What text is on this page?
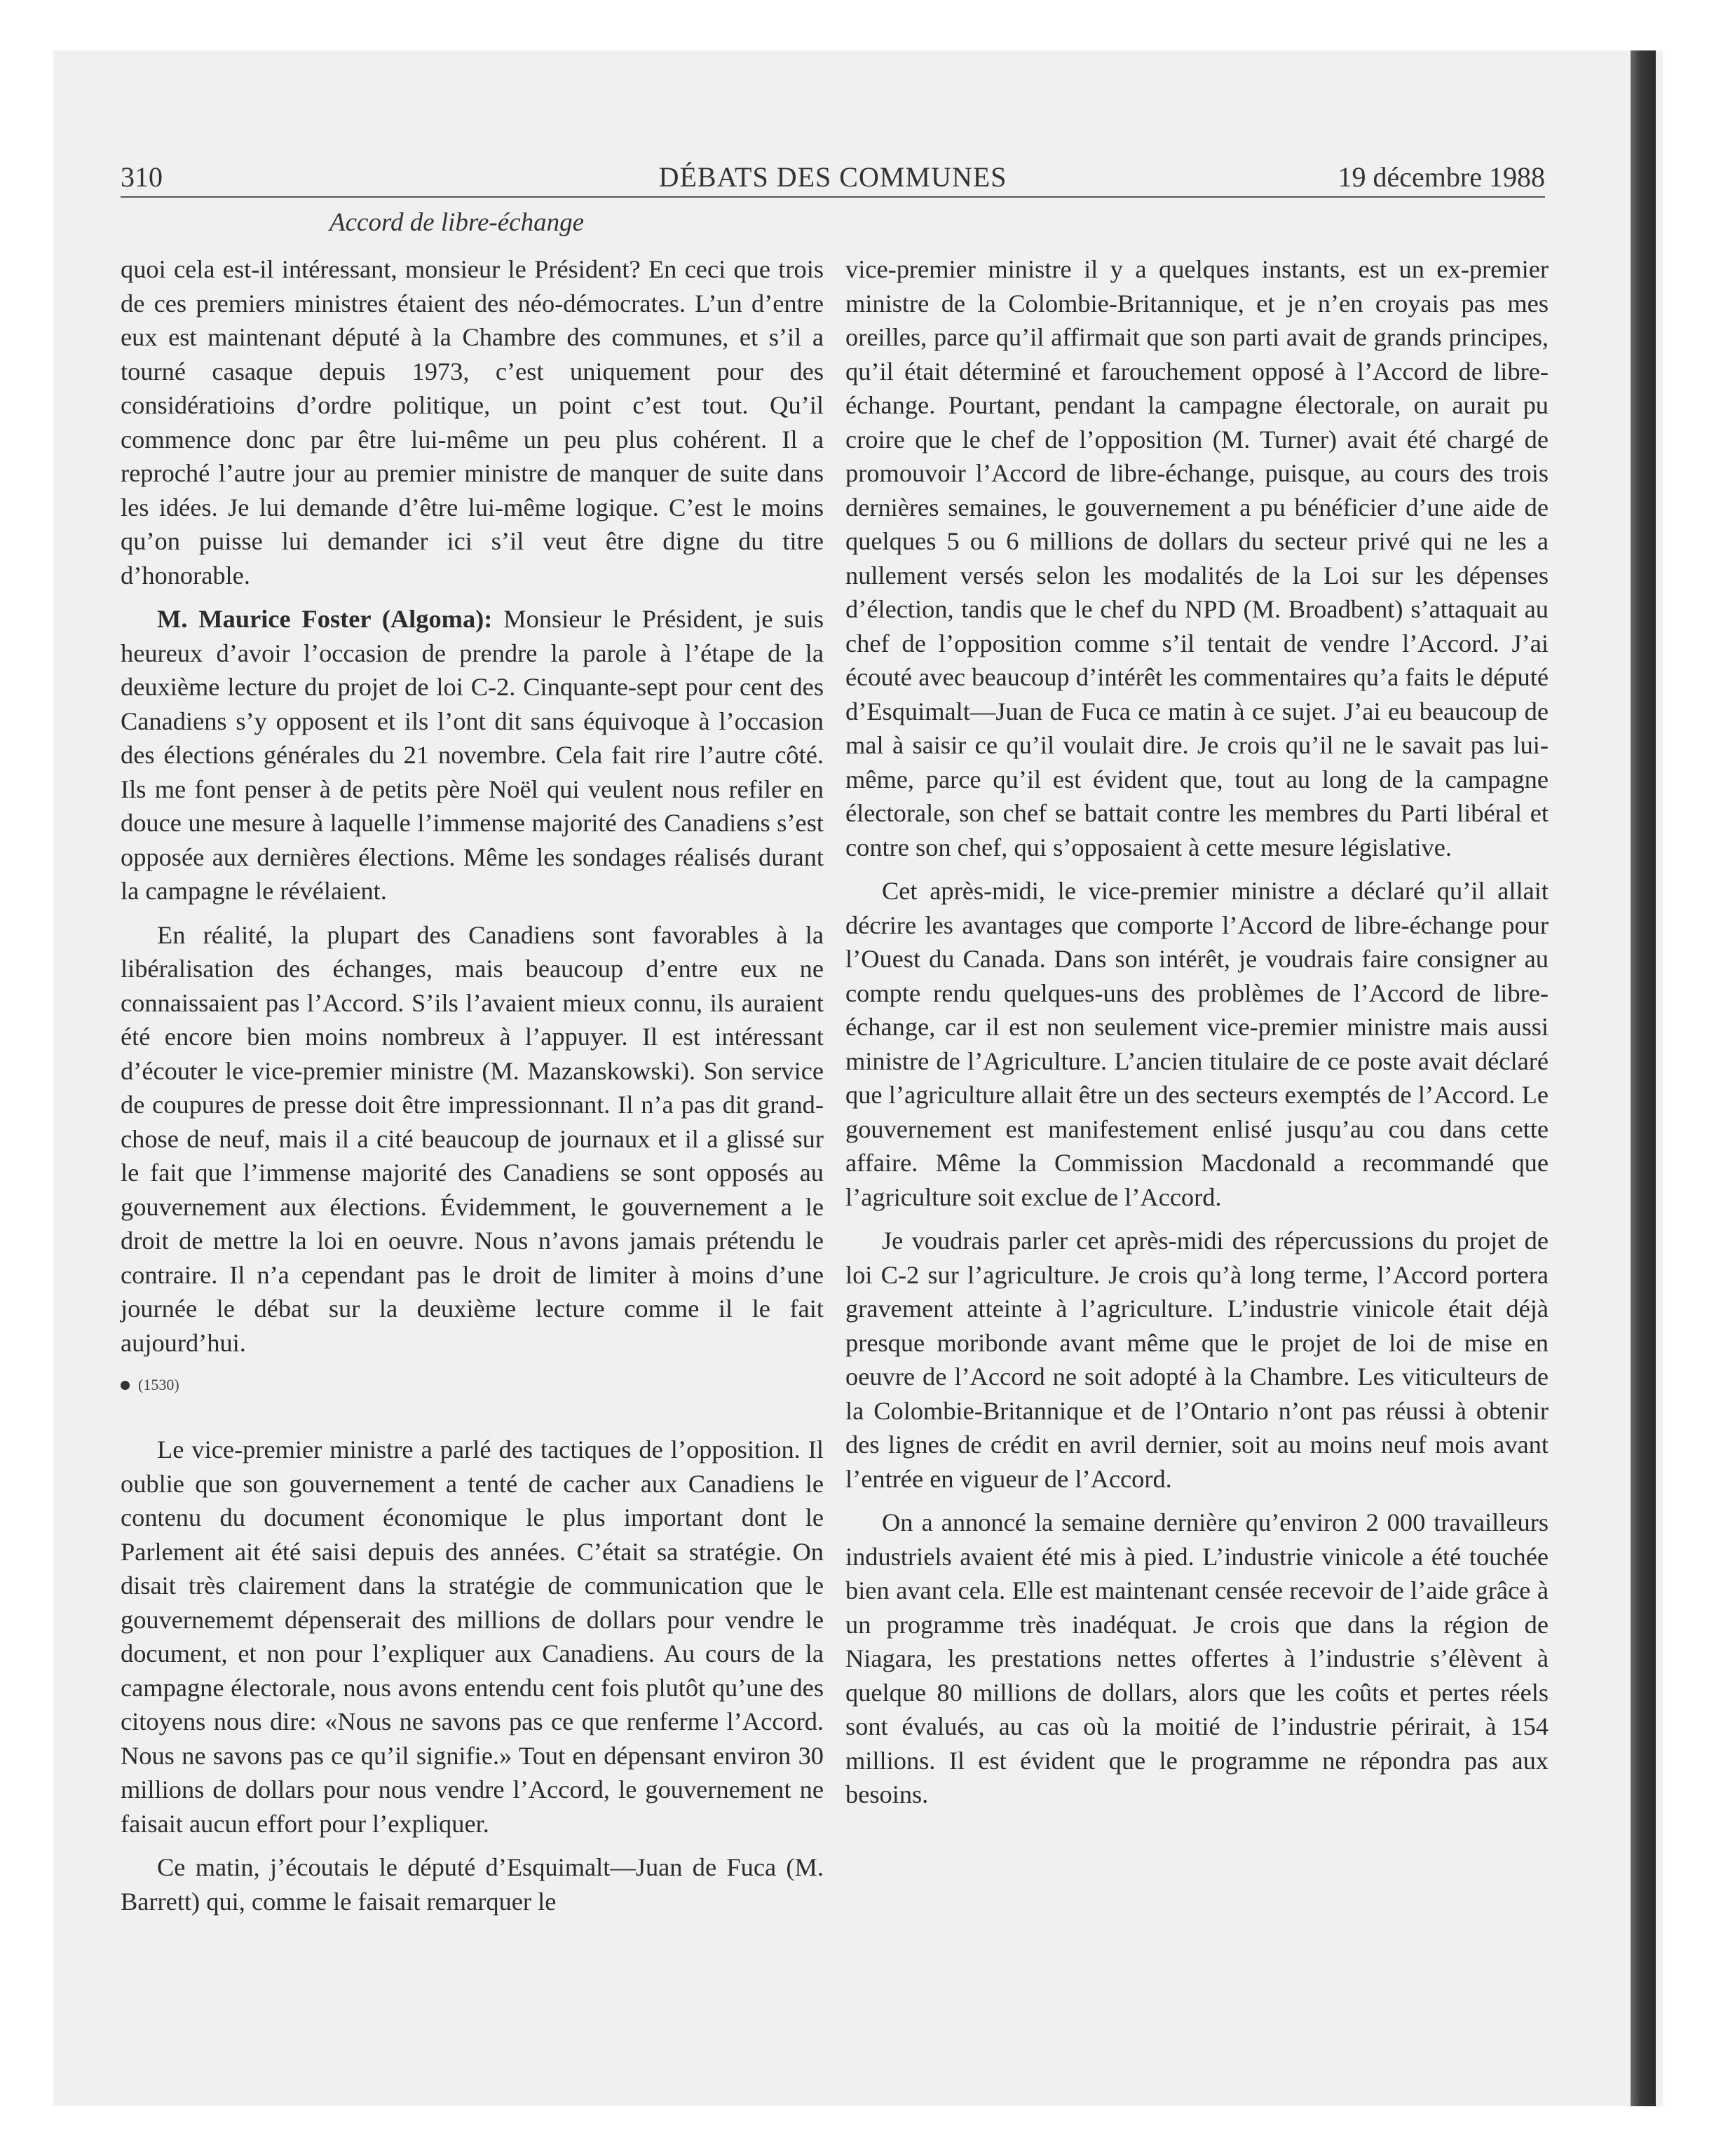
310	DÉBATS DES COMMUNES	19 décembre 1988
Accord de libre-échange

quoi cela est-il intéressant, monsieur le Président? En ceci que trois de ces premiers ministres étaient des néo-démocrates. L’un d’entre eux est maintenant député à la Chambre des communes, et s’il a tourné casaque depuis 1973, c’est uniquement pour des considératioins d’ordre politique, un point c’est tout. Qu’il commence donc par être lui-même un peu plus cohérent. Il a reproché l’autre jour au premier ministre de manquer de suite dans les idées. Je lui demande d’être lui-même logique. C’est le moins qu’on puisse lui demander ici s’il veut être digne du titre d’honorable.

M. Maurice Foster (Algoma): Monsieur le Président, je suis heureux d’avoir l’occasion de prendre la parole à l’étape de la deuxième lecture du projet de loi C-2. Cinquante-sept pour cent des Canadiens s’y opposent et ils l’ont dit sans équivoque à l’occasion des élections générales du 21 novembre. Cela fait rire l’autre côté. Ils me font penser à de petits père Noël qui veulent nous refiler en douce une mesure à laquelle l’immense majorité des Canadiens s’est opposée aux dernières élections. Même les sondages réalisés durant la campagne le révélaient.

En réalité, la plupart des Canadiens sont favorables à la libéralisation des échanges, mais beaucoup d’entre eux ne connaissaient pas l’Accord. S’ils l’avaient mieux connu, ils auraient été encore bien moins nombreux à l’appuyer. Il est intéressant d’écouter le vice-premier ministre (M. Mazanskowski). Son service de coupures de presse doit être impressionnant. Il n’a pas dit grand-chose de neuf, mais il a cité beaucoup de journaux et il a glissé sur le fait que l’immense majorité des Canadiens se sont opposés au gouvernement aux élections. Évidemment, le gouvernement a le droit de mettre la loi en oeuvre. Nous n’avons jamais prétendu le contraire. Il n’a cependant pas le droit de limiter à moins d’une journée le débat sur la deuxième lecture comme il le fait aujourd’hui.

(1530)

Le vice-premier ministre a parlé des tactiques de l’opposition. Il oublie que son gouvernement a tenté de cacher aux Canadiens le contenu du document économique le plus important dont le Parlement ait été saisi depuis des années. C’était sa stratégie. On disait très clairement dans la stratégie de communication que le gouvernememt dépenserait des millions de dollars pour vendre le document, et non pour l’expliquer aux Canadiens. Au cours de la campagne électorale, nous avons entendu cent fois plutôt qu’une des citoyens nous dire: «Nous ne savons pas ce que renferme l’Accord. Nous ne savons pas ce qu’il signifie.» Tout en dépensant environ 30 millions de dollars pour nous vendre l’Accord, le gouvernement ne faisait aucun effort pour l’expliquer.

Ce matin, j’écoutais le député d’Esquimalt—Juan de Fuca (M. Barrett) qui, comme le faisait remarquer le

vice-premier ministre il y a quelques instants, est un ex-premier ministre de la Colombie-Britannique, et je n’en croyais pas mes oreilles, parce qu’il affirmait que son parti avait de grands principes, qu’il était déterminé et farouchement opposé à l’Accord de libre-échange. Pourtant, pendant la campagne électorale, on aurait pu croire que le chef de l’opposition (M. Turner) avait été chargé de promouvoir l’Accord de libre-échange, puisque, au cours des trois dernières semaines, le gouvernement a pu bénéficier d’une aide de quelques 5 ou 6 millions de dollars du secteur privé qui ne les a nullement versés selon les modalités de la Loi sur les dépenses d’élection, tandis que le chef du NPD (M. Broadbent) s’attaquait au chef de l’opposition comme s’il tentait de vendre l’Accord. J’ai écouté avec beaucoup d’intérêt les commentaires qu’a faits le député d’Esquimalt—Juan de Fuca ce matin à ce sujet. J’ai eu beaucoup de mal à saisir ce qu’il voulait dire. Je crois qu’il ne le savait pas lui-même, parce qu’il est évident que, tout au long de la campagne électorale, son chef se battait contre les membres du Parti libéral et contre son chef, qui s’opposaient à cette mesure législative.

Cet après-midi, le vice-premier ministre a déclaré qu’il allait décrire les avantages que comporte l’Accord de libre-échange pour l’Ouest du Canada. Dans son intérêt, je voudrais faire consigner au compte rendu quelques-uns des problèmes de l’Accord de libre-échange, car il est non seulement vice-premier ministre mais aussi ministre de l’Agriculture. L’ancien titulaire de ce poste avait déclaré que l’agriculture allait être un des secteurs exemptés de l’Accord. Le gouvernement est manifestement enlisé jusqu’au cou dans cette affaire. Même la Commission Macdonald a recommandé que l’agriculture soit exclue de l’Accord.

Je voudrais parler cet après-midi des répercussions du projet de loi C-2 sur l’agriculture. Je crois qu’à long terme, l’Accord portera gravement atteinte à l’agriculture. L’industrie vinicole était déjà presque moribonde avant même que le projet de loi de mise en oeuvre de l’Accord ne soit adopté à la Chambre. Les viticulteurs de la Colombie-Britannique et de l’Ontario n’ont pas réussi à obtenir des lignes de crédit en avril dernier, soit au moins neuf mois avant l’entrée en vigueur de l’Accord.

On a annoncé la semaine dernière qu’environ 2 000 travailleurs industriels avaient été mis à pied. L’industrie vinicole a été touchée bien avant cela. Elle est maintenant censée recevoir de l’aide grâce à un programme très inadéquat. Je crois que dans la région de Niagara, les prestations nettes offertes à l’industrie s’élèvent à quelque 80 millions de dollars, alors que les coûts et pertes réels sont évalués, au cas où la moitié de l’industrie périrait, à 154 millions. Il est évident que le programme ne répondra pas aux besoins.
